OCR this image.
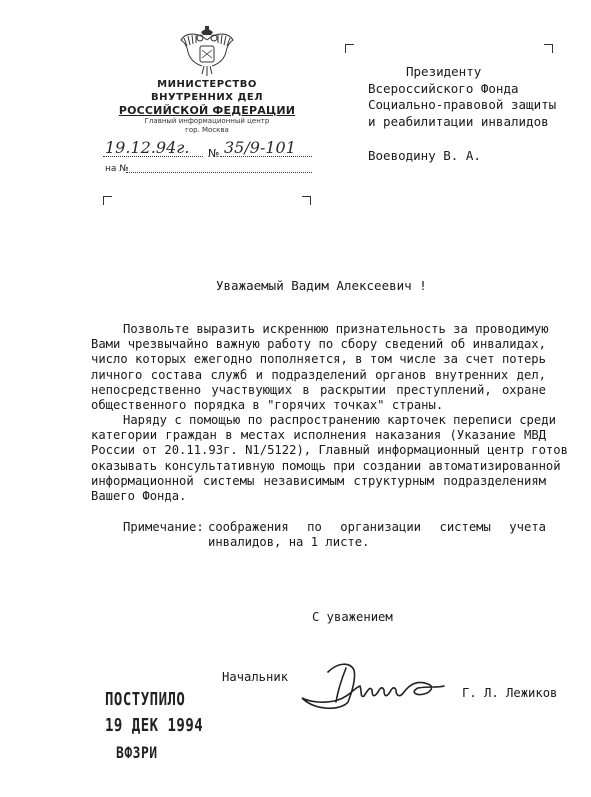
МИНИСТЕРСТВО
ВНУТРЕННИХ ДЕЛ
РОССИЙСКОЙ ФЕДЕРАЦИИ
Главный информационный центр
гор. Москва
19.12.94г. № 35/9-101
на №
Президенту
Всероссийского Фонда
Социально-правовой защиты
и реабилитации инвалидов
Воеводину В. А.
Уважаемый Вадим Алексеевич !
Позвольте выразить искреннюю признательность за проводимую
Вами чрезвычайно важную работу по сбору сведений об инвалидах,
число которых ежегодно пополняется, в том числе за счет потерь
личного состава служб и подразделений органов внутренних дел,
непосредственно участвующих в раскрытии преступлений, охране
общественного порядка в "горячих точках" страны.
Наряду с помощью по распространению карточек переписи среди
категории граждан в местах исполнения наказания (Указание МВД
России от 20.11.93г. N1/5122), Главный информационный центр готов
оказывать консультативную помощь при создании автоматизированной
информационной системы независимым структурным подразделениям
Вашего Фонда.
Примечание: соображения по организации системы учета
инвалидов, на 1 листе.
С уважением
Начальник
Г. Л. Лежиков
ПОСТУПИЛО
19 ДЕК 1994
ВФЗРИ
